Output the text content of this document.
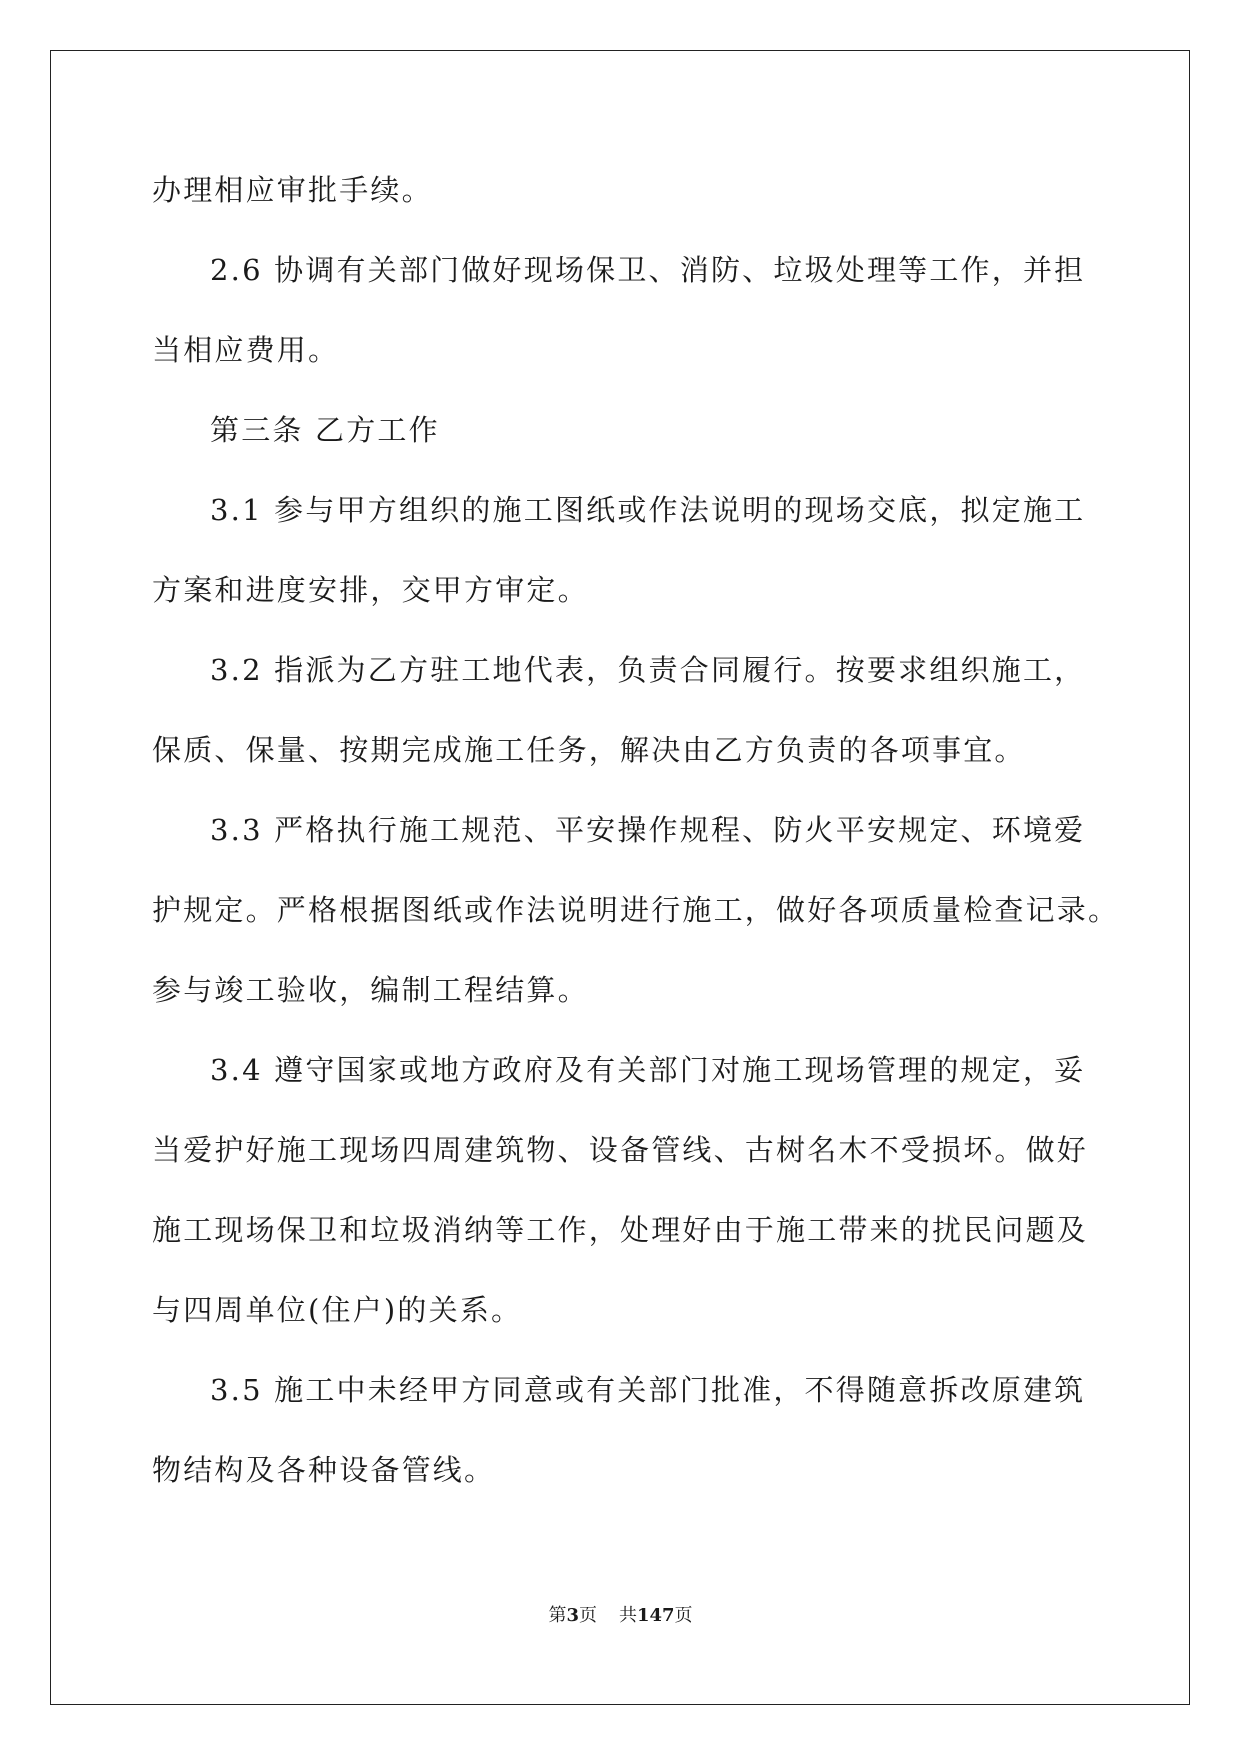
办理相应审批手续。
2.6 协调有关部门做好现场保卫、消防、垃圾处理等工作，并担
当相应费用。
第三条 乙方工作
3.1 参与甲方组织的施工图纸或作法说明的现场交底，拟定施工
方案和进度安排，交甲方审定。
3.2 指派为乙方驻工地代表，负责合同履行。按要求组织施工，
保质、保量、按期完成施工任务，解决由乙方负责的各项事宜。
3.3 严格执行施工规范、平安操作规程、防火平安规定、环境爱
护规定。严格根据图纸或作法说明进行施工，做好各项质量检查记录。
参与竣工验收，编制工程结算。
3.4 遵守国家或地方政府及有关部门对施工现场管理的规定，妥
当爱护好施工现场四周建筑物、设备管线、古树名木不受损坏。做好
施工现场保卫和垃圾消纳等工作，处理好由于施工带来的扰民问题及
与四周单位(住户)的关系。
3.5 施工中未经甲方同意或有关部门批准，不得随意拆改原建筑
物结构及各种设备管线。
第3页 共147页
